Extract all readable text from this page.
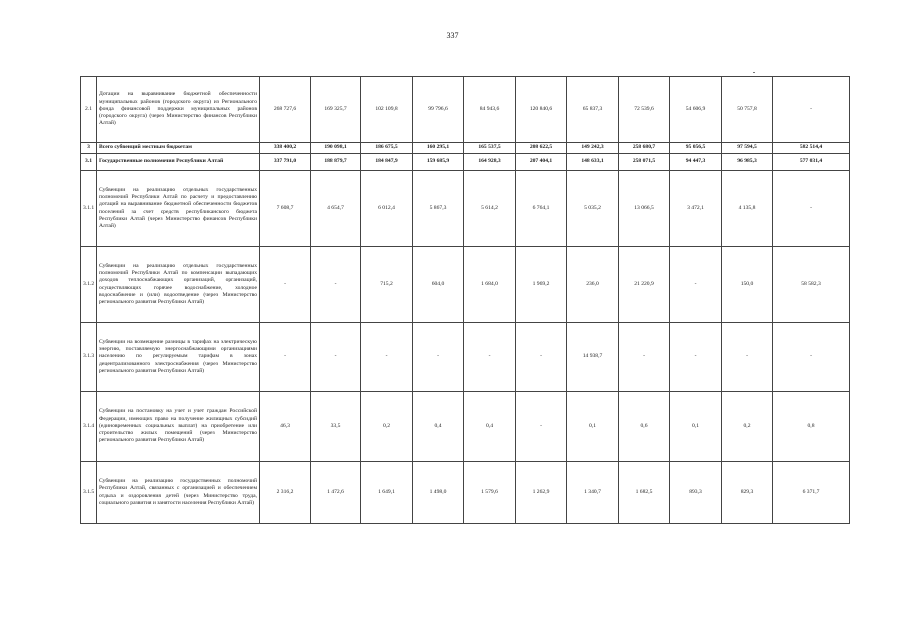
337
2.1	Дотации на выравнивание бюджетной обеспеченности муниципальных районов (городского округа) из Регионального фонда финансовой поддержки муниципальных районов (городского округа) (через Министерство финансов Республики Алтай)	268 727,6	169 325,7	102 109,8	99 796,6	84 943,6	120 840,6	65 837,3	72 539,6	54 606,9	50 757,8	-
3	Всего субвенций местным бюджетам	338 400,2	190 098,1	186 675,5	160 295,1	165 537,5	208 622,5	149 242,3	258 680,7	95 056,5	97 594,5	582 514,4
3.1	Государственные полномочия Республики Алтай	337 791,0	188 879,7	184 847,9	159 685,9	164 928,3	207 404,1	148 633,1	258 071,5	94 447,3	96 985,3	577 031,4
3.1.1	Субвенции на реализацию отдельных государственных полномочий Республики Алтай по расчету и предоставлению дотаций на выравнивание бюджетной обеспеченности бюджетов поселений за счет средств республиканского бюджета Республики Алтай (через Министерство финансов Республики Алтай)	7 608,7	4 654,7	6 012,4	5 867,3	5 614,2	6 764,1	5 035,2	13 066,5	3 472,1	4 135,8	-
3.1.2	Субвенции на реализацию отдельных государственных полномочий Республики Алтай по компенсации выпадающих доходов теплоснабжающих организаций, организаций, осуществляющих горячее водоснабжение, холодное водоснабжение и (или) водоотведение (через Министерство регионального развития Республики Алтай)	-	-	715,2	604,0	1 684,0	1 969,2	236,0	21 220,9	-	150,0	58 582,3
3.1.3	Субвенции на возмещение разницы в тарифах на электрическую энергию, поставляемую энергоснабжающими организациями населению по регулируемым тарифам в зонах децентрализованного электроснабжения (через Министерство регионального развития Республики Алтай)	-	-	-	-	-	-	14 938,7	-	-	-	-
3.1.4	Субвенции на постановку на учет и учет граждан Российской Федерации, имеющих право на получение жилищных субсидий (единовременных социальных выплат) на приобретение или строительство жилых помещений (через Министерство регионального развития Республики Алтай)	46,3	33,5	0,2	0,4	0,4	-	0,1	0,6	0,1	0,2	0,8
3.1.5	Субвенции на реализацию государственных полномочий Республики Алтай, связанных с организацией и обеспечением отдыха и оздоровления детей (через Министерство труда, социального развития и занятости населения Республики Алтай)	2 316,2	1 472,6	1 649,1	1 498,0	1 579,6	1 262,9	1 340,7	1 682,5	893,3	829,3	6 371,7
